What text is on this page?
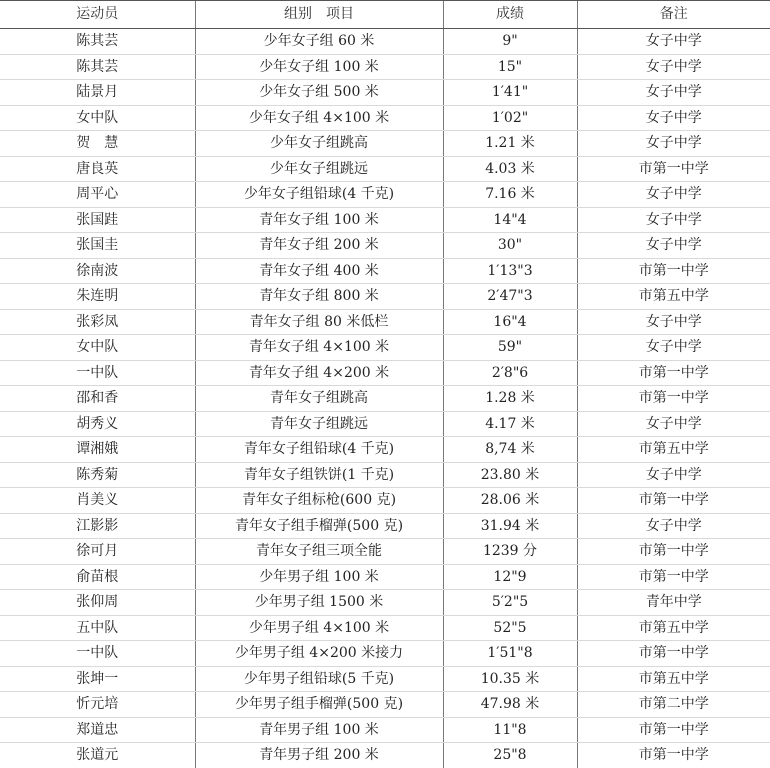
运动员	组别　项目	成绩	备注
陈其芸	少年女子组 60 米	9"	女子中学
陈其芸	少年女子组 100 米	15"	女子中学
陆景月	少年女子组 500 米	1′41"	女子中学
女中队	少年女子组 4×100 米	1′02"	女子中学
贺　慧	少年女子组跳高	1.21 米	女子中学
唐良英	少年女子组跳远	4.03 米	市第一中学
周平心	少年女子组铅球(4 千克)	7.16 米	女子中学
张国跬	青年女子组 100 米	14"4	女子中学
张国圭	青年女子组 200 米	30"	女子中学
徐南波	青年女子组 400 米	1′13"3	市第一中学
朱连明	青年女子组 800 米	2′47"3	市第五中学
张彩凤	青年女子组 80 米低栏	16"4	女子中学
女中队	青年女子组 4×100 米	59"	女子中学
一中队	青年女子组 4×200 米	2′8"6	市第一中学
邵和香	青年女子组跳高	1.28 米	市第一中学
胡秀义	青年女子组跳远	4.17 米	女子中学
谭湘娥	青年女子组铅球(4 千克)	8,74 米	市第五中学
陈秀菊	青年女子组铁饼(1 千克)	23.80 米	女子中学
肖美义	青年女子组标枪(600 克)	28.06 米	市第一中学
江影影	青年女子组手榴弹(500 克)	31.94 米	女子中学
徐可月	青年女子组三项全能	1239 分	市第一中学
俞苗根	少年男子组 100 米	12"9	市第一中学
张仰周	少年男子组 1500 米	5′2"5	青年中学
五中队	少年男子组 4×100 米	52"5	市第五中学
一中队	少年男子组 4×200 米接力	1′51"8	市第一中学
张坤一	少年男子组铅球(5 千克)	10.35 米	市第五中学
忻元培	少年男子组手榴弹(500 克)	47.98 米	市第二中学
郑道忠	青年男子组 100 米	11"8	市第一中学
张道元	青年男子组 200 米	25"8	市第一中学
